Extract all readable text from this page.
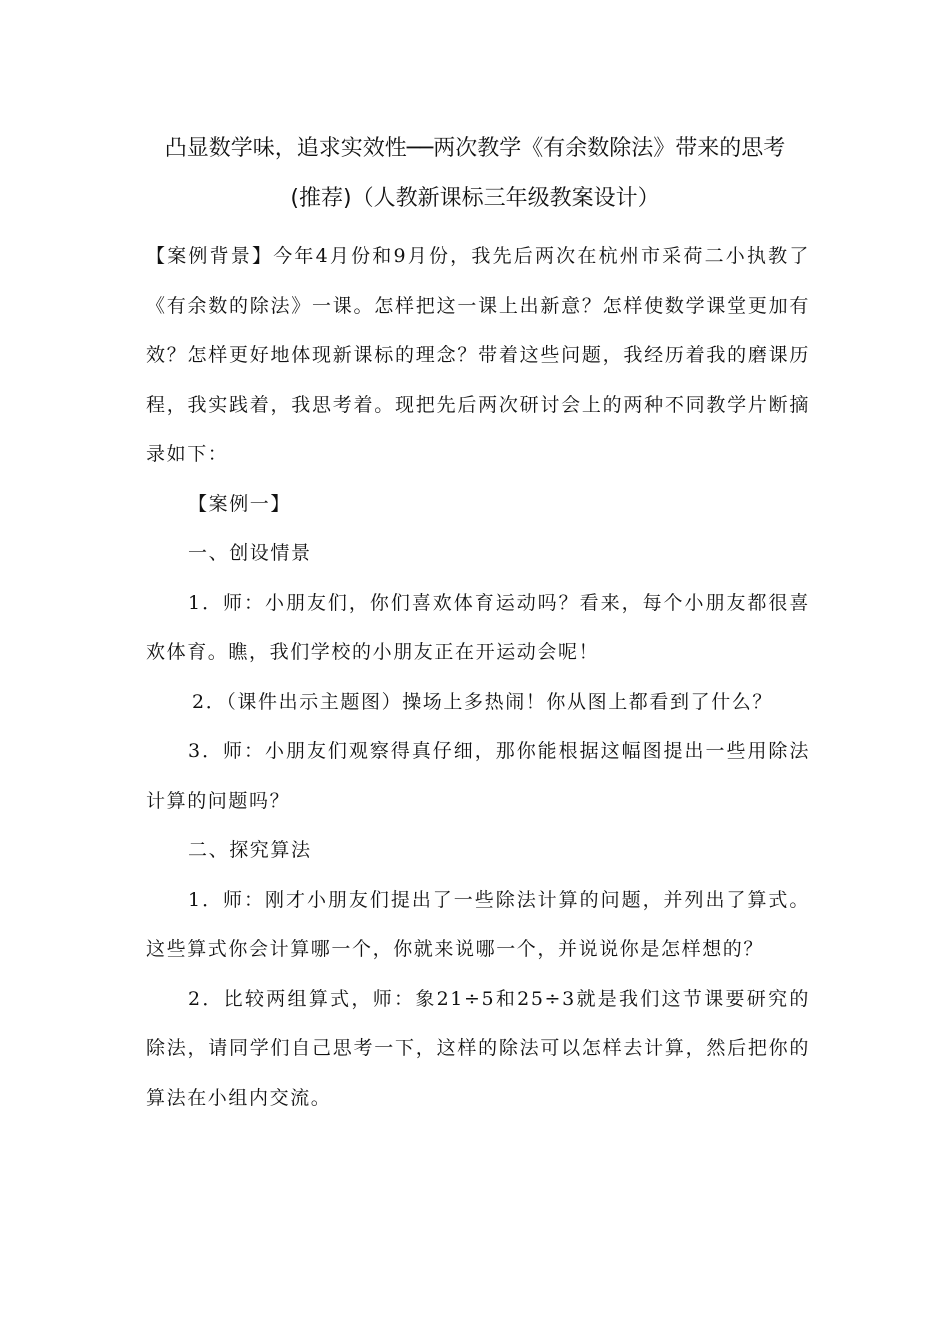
凸显数学味，追求实效性──两次教学《有余数除法》带来的思考
(推荐)（人教新课标三年级教案设计）

【案例背景】今年4月份和9月份，我先后两次在杭州市采荷二小执教了《有余数的除法》一课。怎样把这一课上出新意？怎样使数学课堂更加有效？怎样更好地体现新课标的理念？带着这些问题，我经历着我的磨课历程，我实践着，我思考着。现把先后两次研讨会上的两种不同教学片断摘录如下：

【案例一】

一、创设情景

1．师：小朋友们，你们喜欢体育运动吗？看来，每个小朋友都很喜欢体育。瞧，我们学校的小朋友正在开运动会呢！

2．（课件出示主题图）操场上多热闹！你从图上都看到了什么？

3．师：小朋友们观察得真仔细，那你能根据这幅图提出一些用除法计算的问题吗？

二、探究算法

1．师：刚才小朋友们提出了一些除法计算的问题，并列出了算式。这些算式你会计算哪一个，你就来说哪一个，并说说你是怎样想的？

2．比较两组算式，师：象21÷5和25÷3就是我们这节课要研究的除法，请同学们自己思考一下，这样的除法可以怎样去计算，然后把你的算法在小组内交流。
